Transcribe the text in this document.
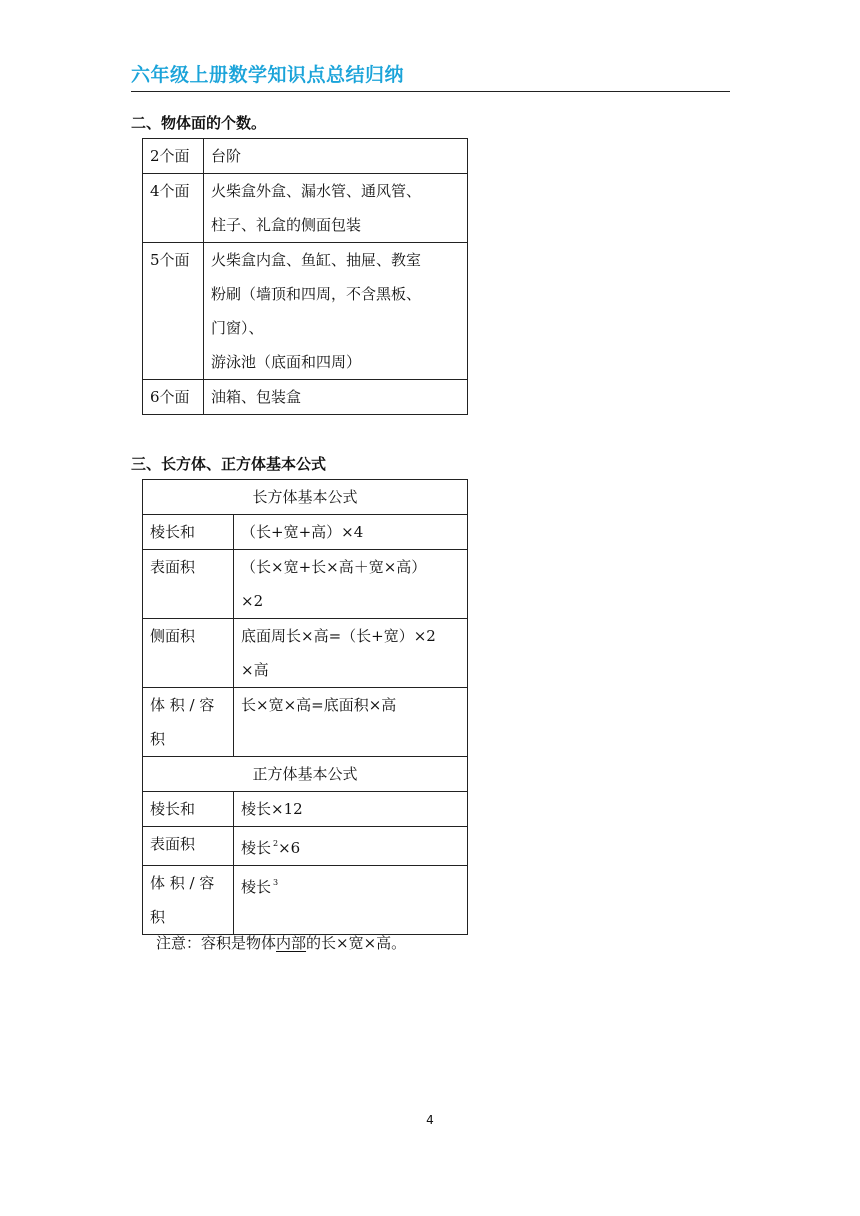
六年级上册数学知识点总结归纳
二、物体面的个数。
2个面	台阶

4个面	火柴盒外盒、漏水管、通风管、
柱子、礼盒的侧面包装

5个面	火柴盒内盒、鱼缸、抽屉、教室
粉刷（墙顶和四周，不含黑板、
门窗）、
游泳池（底面和四周）

6个面	油箱、包装盒
三、长方体、正方体基本公式
长方体基本公式	

棱长和	（长+宽+高）×4

表面积	（长×宽+长×高＋宽×高）
×2

侧面积	底面周长×高=（长+宽）×2
×高

体 积 / 容
积	长×宽×高=底面积×高

正方体基本公式	
棱长和	棱长×12
表面积	棱长 $^2$×6

体 积 / 容
积	棱长 $^3$
注意：容积是物体内部的长×宽×高。
4
